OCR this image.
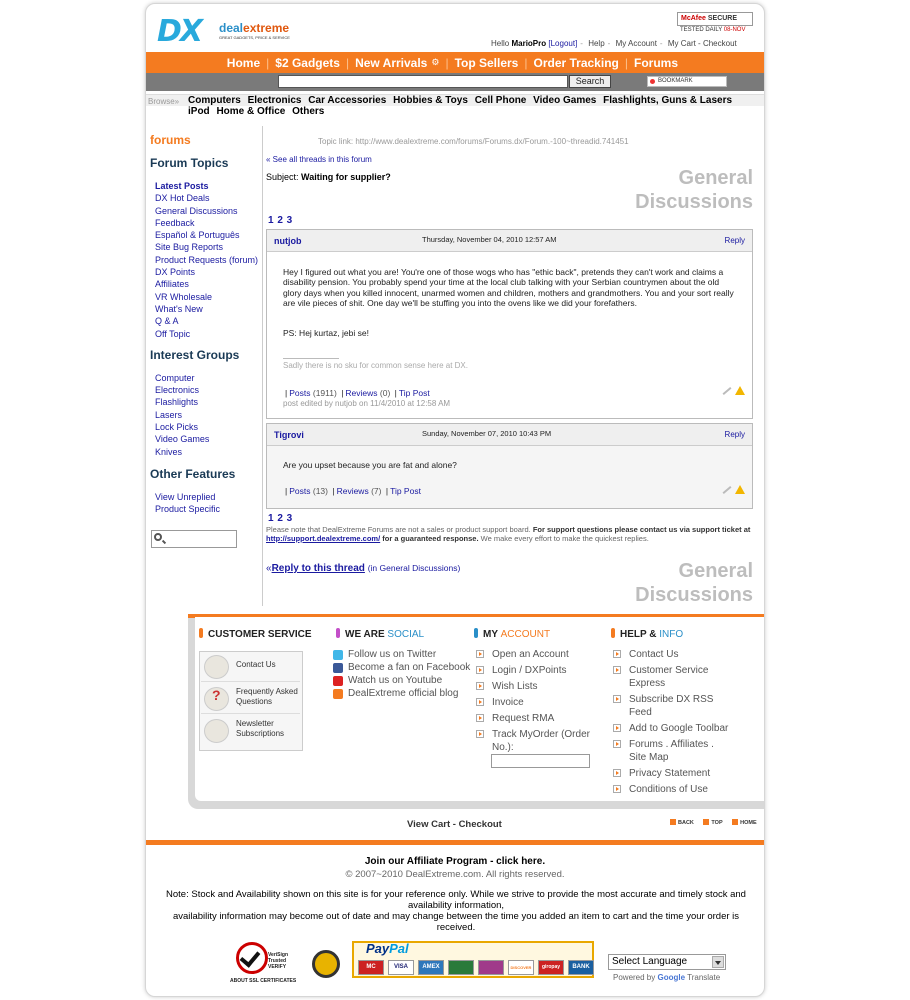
DX dealextreme
GREAT GADGETS, PRICE & SERVICE
McAfee SECURE
TESTED DAILY 08-NOV
Hello MarioPro [Logout] - Help - My Account - My Cart - Checkout
Home | $2 Gadgets | New Arrivals ⚙ | Top Sellers | Order Tracking | Forums
Search	BOOKMARK
Browse» Computers Electronics Car Accessories Hobbies & Toys Cell Phone Video Games Flashlights, Guns & Lasers iPod Home & Office Others
forums
Forum Topics
Latest Posts
DX Hot Deals
General Discussions
Feedback
Español & Português
Site Bug Reports
Product Requests (forum)
DX Points
Affiliates
VR Wholesale
What's New
Q & A
Off Topic
Interest Groups
Computer
Electronics
Flashlights
Lasers
Lock Picks
Video Games
Knives
Other Features
View Unreplied
Product Specific
Topic link: http://www.dealextreme.com/forums/Forums.dx/Forum.-100~threadid.741451
« See all threads in this forum
Subject: Waiting for supplier?	General
Discussions
1 2 3
nutjob	Thursday, November 04, 2010 12:57 AM	Reply
Hey I figured out what you are! You're one of those wogs who has "ethic back", pretends they can't work and claims a disability pension. You probably spend your time at the local club talking with your Serbian countrymen about the old glory days when you killed innocent, unarmed women and children, mothers and grandmothers. You and your sort really are vile pieces of shit. One day we'll be stuffing you into the ovens like we did your forefathers.
PS: Hej kurtaz, jebi se!
Sadly there is no sku for common sense here at DX.
| Posts (1911) | Reviews (0) | Tip Post
post edited by nutjob on 11/4/2010 at 12:58 AM
Tigrovi	Sunday, November 07, 2010 10:43 PM	Reply
Are you upset because you are fat and alone?
| Posts (13) | Reviews (7) | Tip Post
1 2 3
Please note that DealExtreme Forums are not a sales or product support board. For support questions please contact us via support ticket at http://support.dealextreme.com/ for a guaranteed response. We make every effort to make the quickest replies.
«Reply to this thread (in General Discussions)	General
Discussions
CUSTOMER SERVICE	WE ARE SOCIAL	MY ACCOUNT	HELP & INFO
Contact Us
?
Frequently Asked Questions
Newsletter Subscriptions
Follow us on Twitter
Become a fan on Facebook
Watch us on Youtube
DealExtreme official blog
Open an Account
Login / DXPoints
Wish Lists
Invoice
Request RMA
Track MyOrder (Order No.):
Contact Us
Customer Service Express
Subscribe DX RSS Feed
Add to Google Toolbar
Forums . Affiliates . Site Map
Privacy Statement
Conditions of Use
View Cart - Checkout	BACK	TOP	HOME
Join our Affiliate Program - click here.
© 2007~2010 DealExtreme.com. All rights reserved.
Note: Stock and Availability shown on this site is for your reference only. While we strive to provide the most accurate and timely stock and availability information,
availability information may become out of date and may change between the time you added an item to cart and the time your order is received.
VeriSign
Trusted
VERIFY
ABOUT SSL CERTIFICATES
PayPal
MC	VISA	AMEX	DISCOVER	giropay	BANK	Select Language
Powered by Google Translate
